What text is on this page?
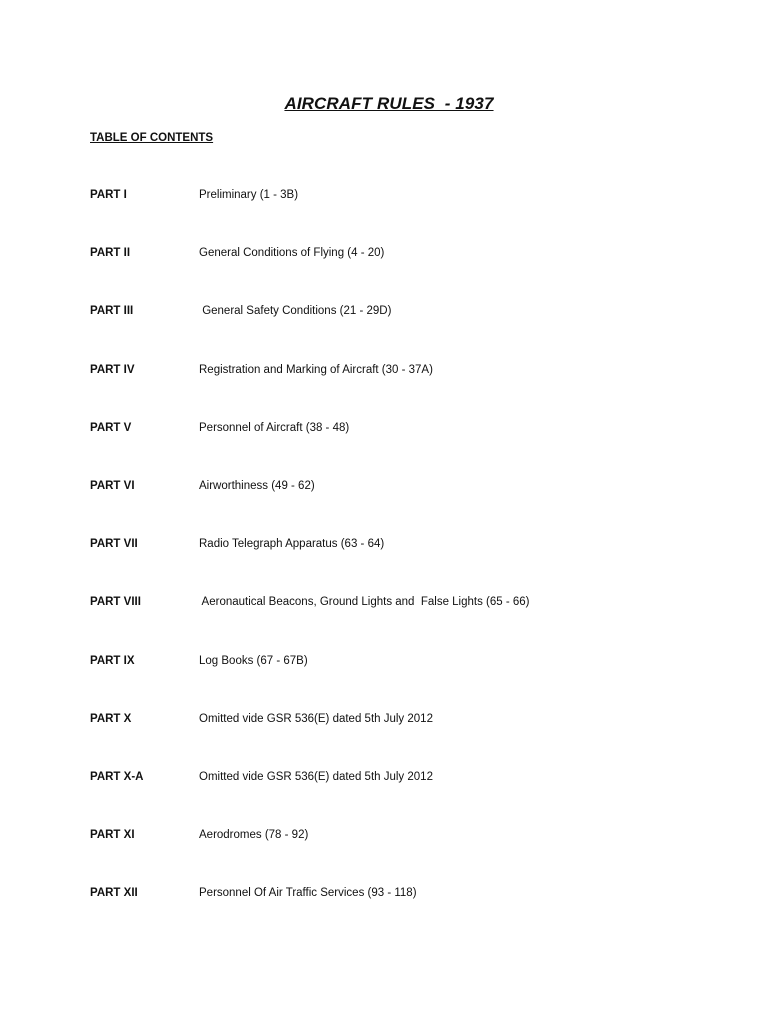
AIRCRAFT RULES  - 1937
TABLE OF CONTENTS
PART I	Preliminary (1 - 3B)
PART II	General Conditions of Flying (4 - 20)
PART III	General Safety Conditions (21 - 29D)
PART IV	Registration and Marking of Aircraft (30 - 37A)
PART V	Personnel of Aircraft (38 - 48)
PART VI	Airworthiness (49 - 62)
PART VII	Radio Telegraph Apparatus (63 - 64)
PART VIII	Aeronautical Beacons, Ground Lights and  False Lights (65 - 66)
PART IX	Log Books (67 - 67B)
PART X	Omitted vide GSR 536(E) dated 5th July 2012
PART X-A	Omitted vide GSR 536(E) dated 5th July 2012
PART XI	Aerodromes (78 - 92)
PART XII	Personnel Of Air Traffic Services (93 - 118)
